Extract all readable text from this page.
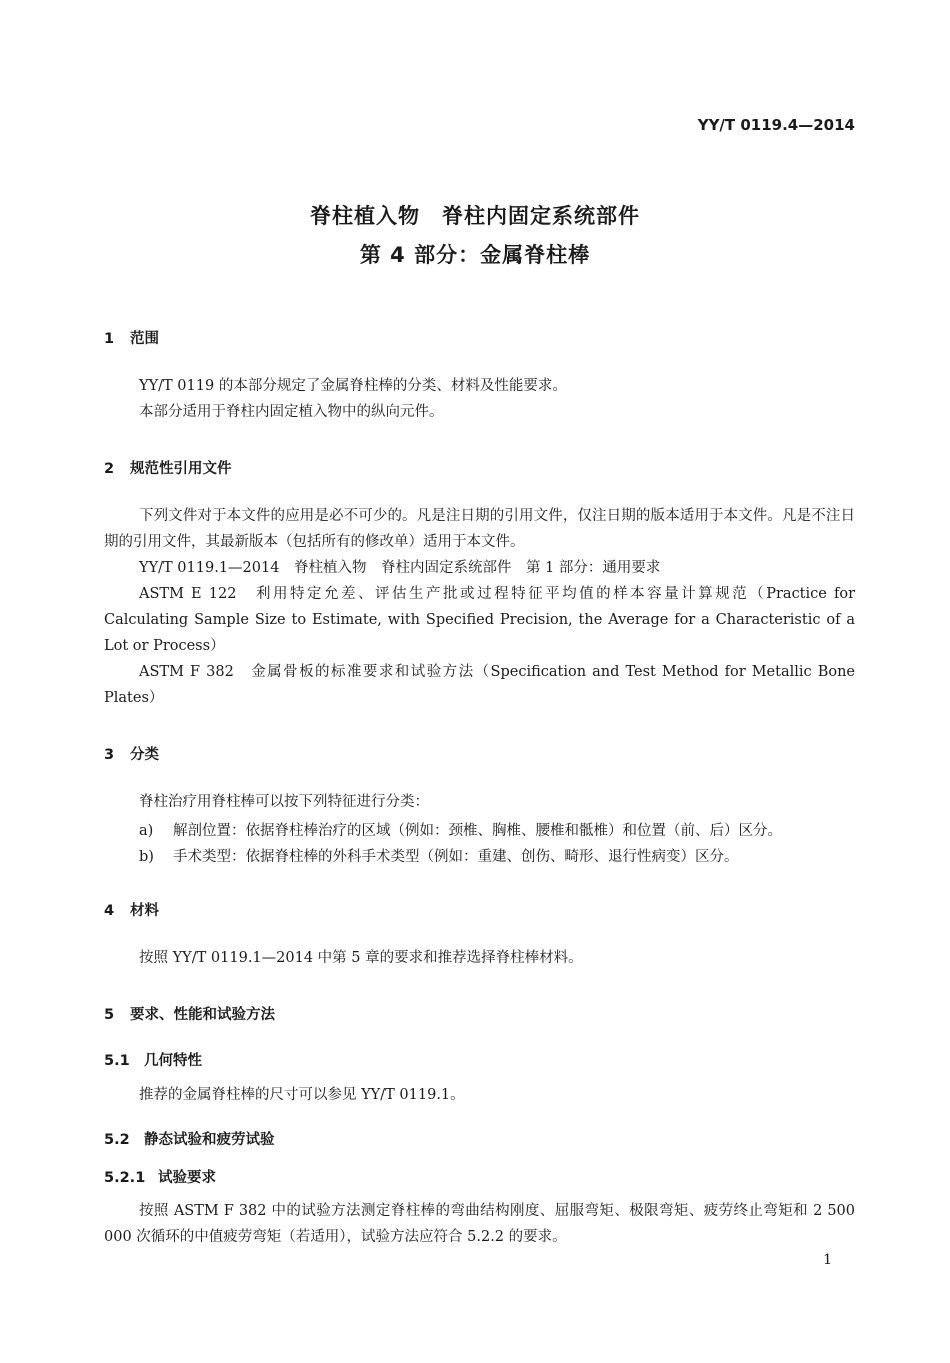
YY/T 0119.4—2014
脊柱植入物　脊柱内固定系统部件
第 4 部分：金属脊柱棒
1 范围
YY/T 0119 的本部分规定了金属脊柱棒的分类、材料及性能要求。
本部分适用于脊柱内固定植入物中的纵向元件。
2 规范性引用文件
下列文件对于本文件的应用是必不可少的。凡是注日期的引用文件，仅注日期的版本适用于本文件。凡是不注日期的引用文件，其最新版本（包括所有的修改单）适用于本文件。
YY/T 0119.1—2014　脊柱植入物　脊柱内固定系统部件　第 1 部分：通用要求
ASTM E 122　利用特定允差、评估生产批或过程特征平均值的样本容量计算规范（Practice for Calculating Sample Size to Estimate, with Specified Precision, the Average for a Characteristic of a Lot or Process）
ASTM F 382　金属骨板的标准要求和试验方法（Specification and Test Method for Metallic Bone Plates）
3 分类
脊柱治疗用脊柱棒可以按下列特征进行分类：
a) 解剖位置：依据脊柱棒治疗的区域（例如：颈椎、胸椎、腰椎和骶椎）和位置（前、后）区分。
b) 手术类型：依据脊柱棒的外科手术类型（例如：重建、创伤、畸形、退行性病变）区分。
4 材料
按照 YY/T 0119.1—2014 中第 5 章的要求和推荐选择脊柱棒材料。
5 要求、性能和试验方法
5.1 几何特性
推荐的金属脊柱棒的尺寸可以参见 YY/T 0119.1。
5.2 静态试验和疲劳试验
5.2.1 试验要求
按照 ASTM F 382 中的试验方法测定脊柱棒的弯曲结构刚度、屈服弯矩、极限弯矩、疲劳终止弯矩和 2 500 000 次循环的中值疲劳弯矩（若适用），试验方法应符合 5.2.2 的要求。
1
